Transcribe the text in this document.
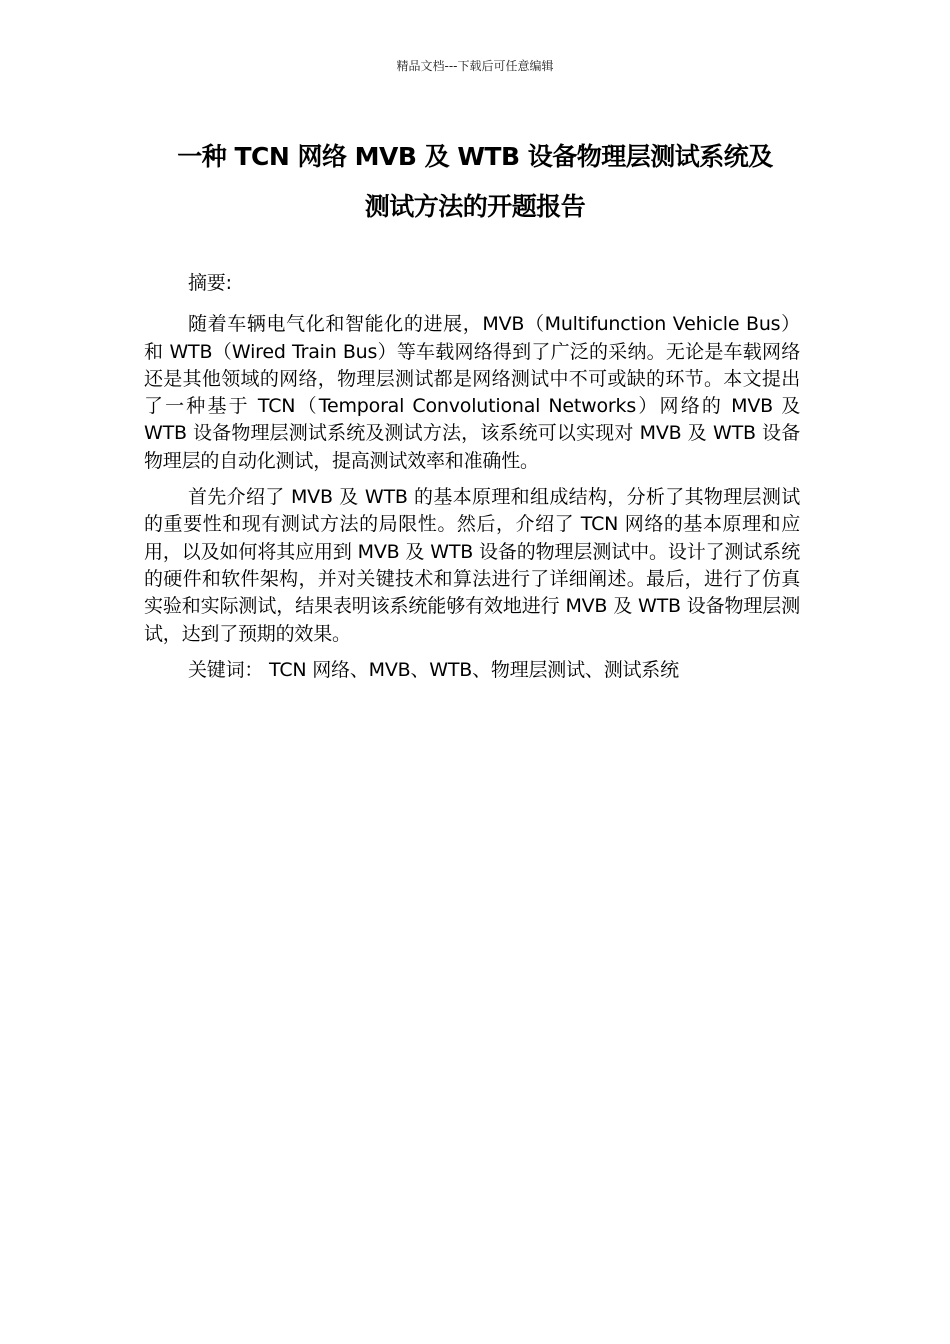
精品文档---下载后可任意编辑
一种 TCN 网络 MVB 及 WTB 设备物理层测试系统及
测试方法的开题报告

摘要:

随着车辆电气化和智能化的进展，MVB（Multifunction Vehicle Bus）和 WTB（Wired Train Bus）等车载网络得到了广泛的采纳。无论是车载网络还是其他领域的网络，物理层测试都是网络测试中不可或缺的环节。本文提出了一种基于 TCN（Temporal Convolutional Networks）网络的 MVB 及 WTB 设备物理层测试系统及测试方法，该系统可以实现对 MVB 及 WTB 设备物理层的自动化测试，提高测试效率和准确性。

首先介绍了 MVB 及 WTB 的基本原理和组成结构，分析了其物理层测试的重要性和现有测试方法的局限性。然后，介绍了 TCN 网络的基本原理和应用，以及如何将其应用到 MVB 及 WTB 设备的物理层测试中。设计了测试系统的硬件和软件架构，并对关键技术和算法进行了详细阐述。最后，进行了仿真实验和实际测试，结果表明该系统能够有效地进行 MVB 及 WTB 设备物理层测试，达到了预期的效果。

关键词： TCN 网络、MVB、WTB、物理层测试、测试系统
